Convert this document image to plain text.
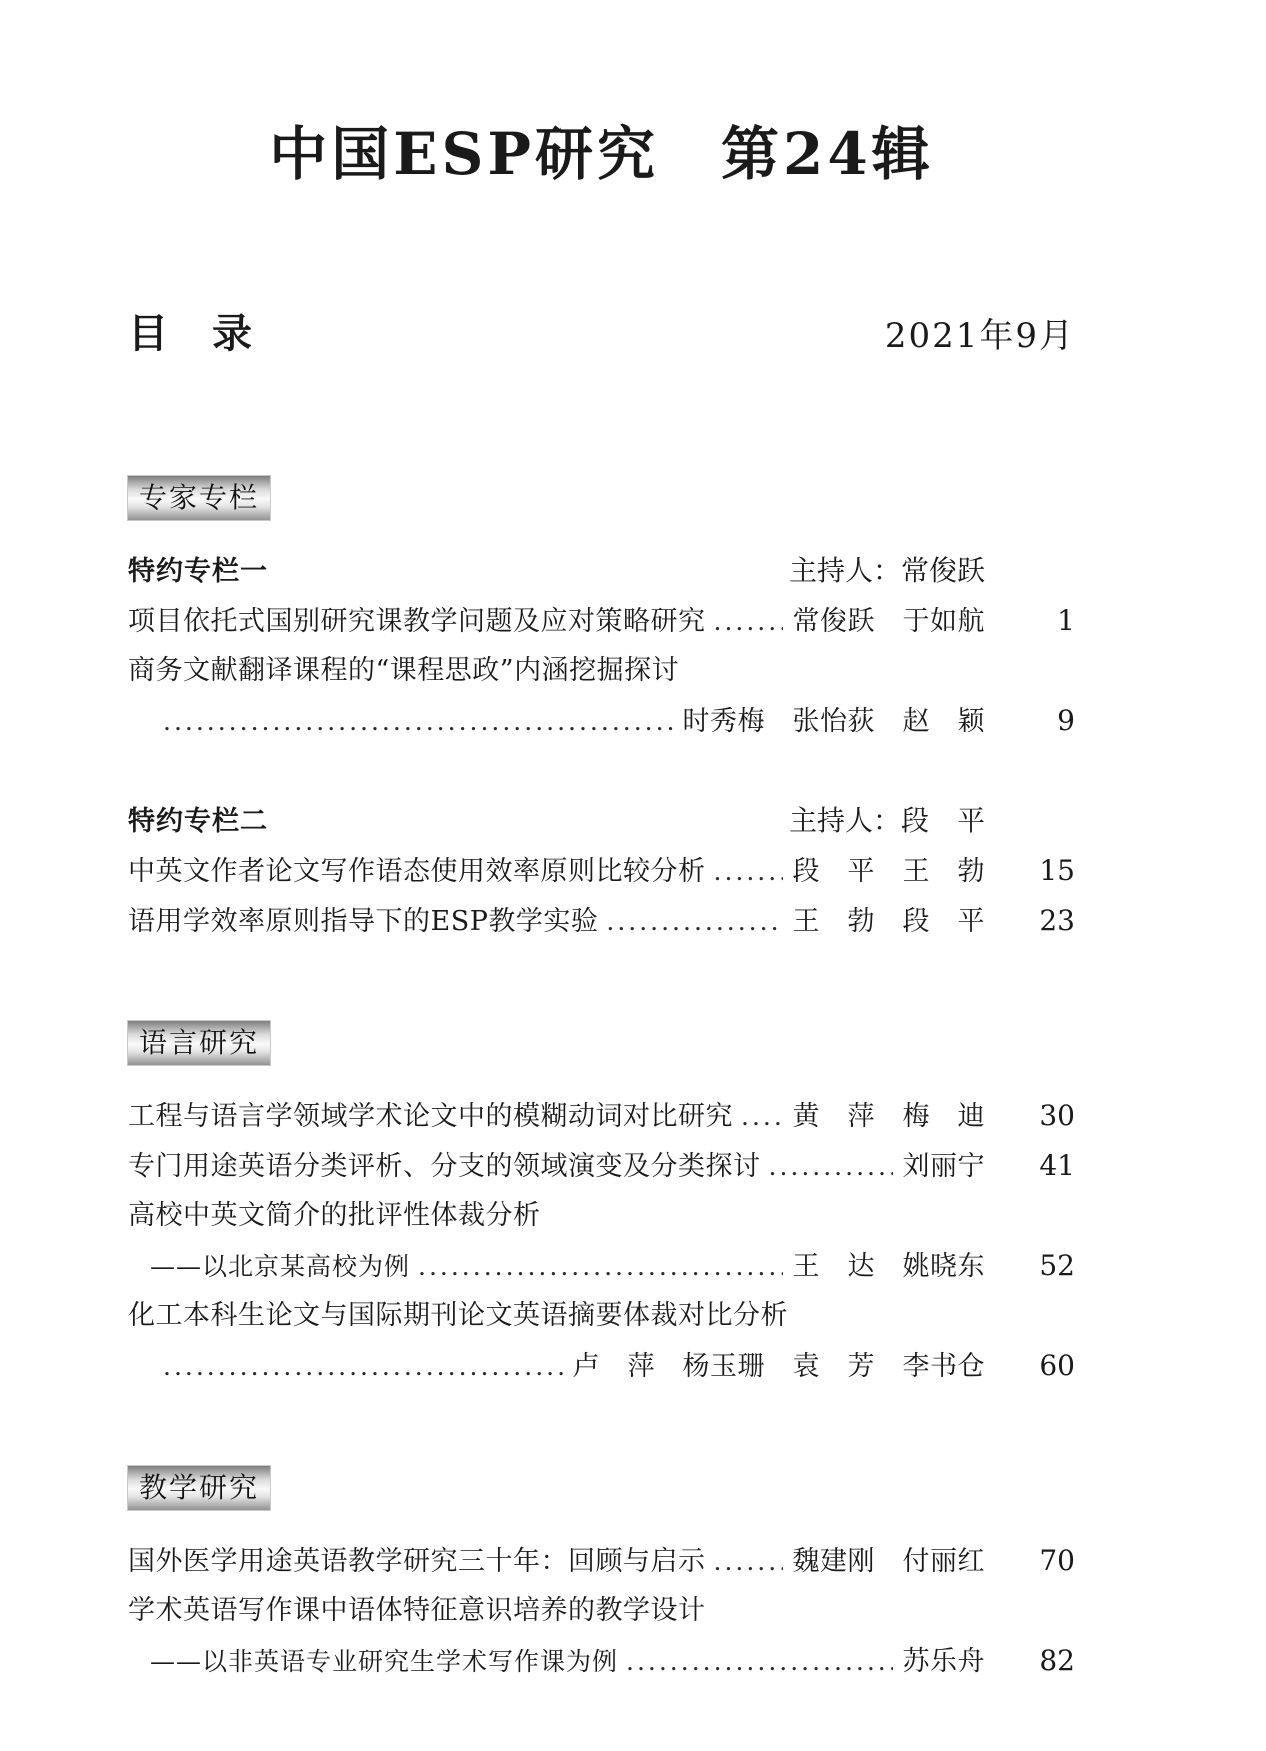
中国ESP研究　第24辑
目　录	2021年9月
专家专栏
特约专栏一	主持人：常俊跃
项目依托式国别研究课教学问题及应对策略研究 .....	常俊跃　于如航	1
商务文献翻译课程的“课程思政”内涵挖掘探讨
.....
时秀梅　张怡荻　赵　颖	9
特约专栏二	主持人：段　平
中英文作者论文写作语态使用效率原则比较分析 .....	段　平　王　勃	15
语用学效率原则指导下的ESP教学实验 .....	王　勃　段　平	23
语言研究
工程与语言学领域学术论文中的模糊动词对比研究 ..... 黄　萍　梅　迪	30
专门用途英语分类评析、分支的领域演变及分类探讨 .....	刘丽宁	41
高校中英文简介的批评性体裁分析
——以北京某高校为例 .....	王　达　姚晓东	52
化工本科生论文与国际期刊论文英语摘要体裁对比分析
.....
卢　萍　杨玉珊　袁　芳　李书仓	60
教学研究
国外医学用途英语教学研究三十年：回顾与启示 .....	魏建刚　付丽红	70
学术英语写作课中语体特征意识培养的教学设计
——以非英语专业研究生学术写作课为例 .....	苏乐舟	82
